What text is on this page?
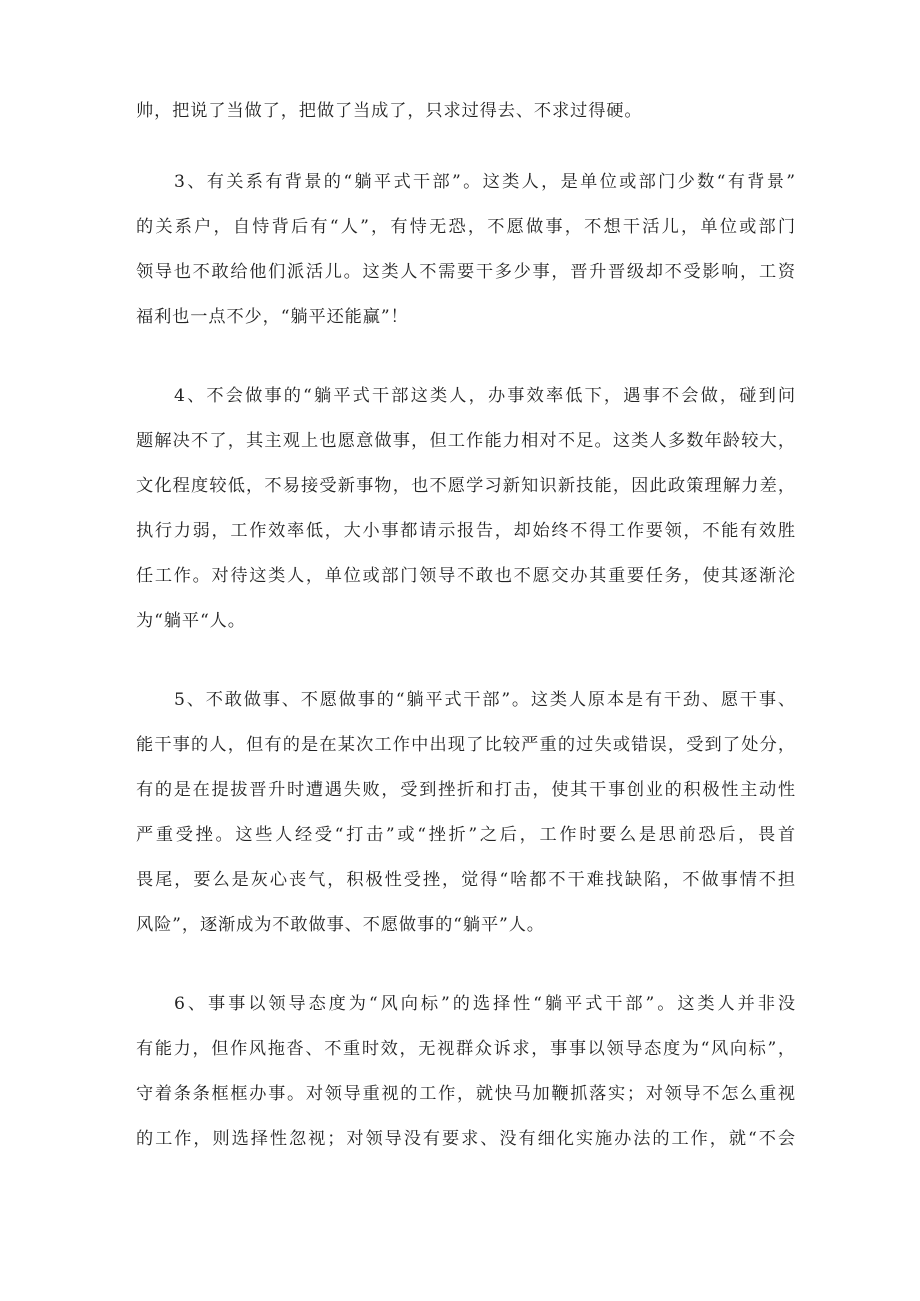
帅，把说了当做了，把做了当成了，只求过得去、不求过得硬。
3、有关系有背景的“躺平式干部”。这类人，是单位或部门少数“有背景”
的关系户，自恃背后有“人”，有恃无恐，不愿做事，不想干活儿，单位或部门
领导也不敢给他们派活儿。这类人不需要干多少事，晋升晋级却不受影响，工资
福利也一点不少，“躺平还能赢”！
4、不会做事的“躺平式干部这类人，办事效率低下，遇事不会做，碰到问
题解决不了，其主观上也愿意做事，但工作能力相对不足。这类人多数年龄较大，
文化程度较低，不易接受新事物，也不愿学习新知识新技能，因此政策理解力差，
执行力弱，工作效率低，大小事都请示报告，却始终不得工作要领，不能有效胜
任工作。对待这类人，单位或部门领导不敢也不愿交办其重要任务，使其逐渐沦
为“躺平“人。
5、不敢做事、不愿做事的“躺平式干部”。这类人原本是有干劲、愿干事、
能干事的人，但有的是在某次工作中出现了比较严重的过失或错误，受到了处分，
有的是在提拔晋升时遭遇失败，受到挫折和打击，使其干事创业的积极性主动性
严重受挫。这些人经受“打击”或“挫折”之后，工作时要么是思前恐后，畏首
畏尾，要么是灰心丧气，积极性受挫，觉得“啥都不干难找缺陷，不做事情不担
风险”，逐渐成为不敢做事、不愿做事的“躺平”人。
6、事事以领导态度为“风向标”的选择性“躺平式干部”。这类人并非没
有能力，但作风拖沓、不重时效，无视群众诉求，事事以领导态度为“风向标”，
守着条条框框办事。对领导重视的工作，就快马加鞭抓落实；对领导不怎么重视
的工作，则选择性忽视；对领导没有要求、没有细化实施办法的工作，就“不会
